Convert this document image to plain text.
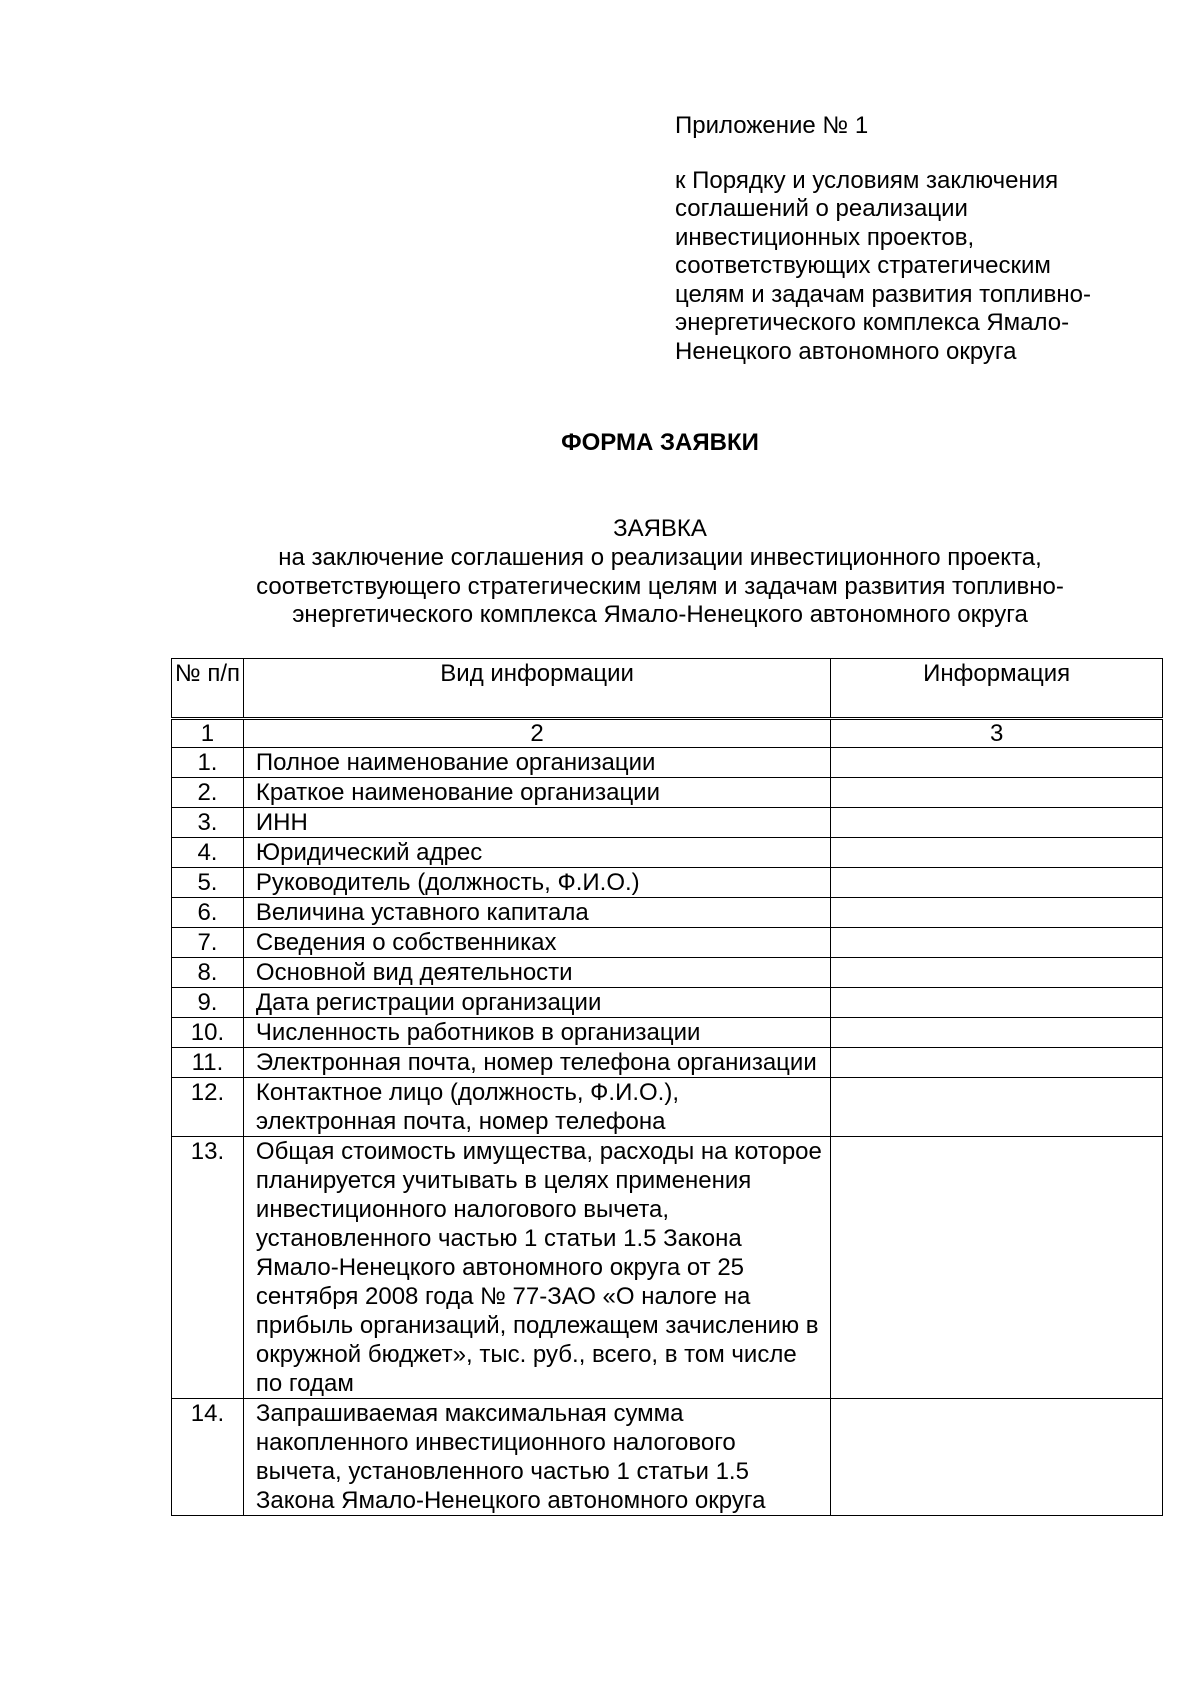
Приложение № 1

к Порядку и условиям заключения
соглашений о реализации
инвестиционных проектов,
соответствующих стратегическим
целям и задачам развития топливно-
энергетического комплекса Ямало-
Ненецкого автономного округа

ФОРМА ЗАЯВКИ
ЗАЯВКА
на заключение соглашения о реализации инвестиционного проекта,
соответствующего стратегическим целям и задачам развития топливно-
энергетического комплекса Ямало-Ненецкого автономного округа
№ п/п	Вид информации	Информация
1	2	3
1.	Полное наименование организации	
2.	Краткое наименование организации	
3.	ИНН	
4.	Юридический адрес	
5.	Руководитель (должность, Ф.И.О.)	
6.	Величина уставного капитала	
7.	Сведения о собственниках	
8.	Основной вид деятельности	
9.	Дата регистрации организации	
10.	Численность работников в организации	
11.	Электронная почта, номер телефона организации	
12.	Контактное лицо (должность, Ф.И.О.), электронная почта, номер телефона	
13.	Общая стоимость имущества, расходы на которое планируется учитывать в целях применения инвестиционного налогового вычета, установленного частью 1 статьи 1.5 Закона Ямало-Ненецкого автономного округа от 25 сентября 2008 года № 77-ЗАО «О налоге на прибыль организаций, подлежащем зачислению в окружной бюджет», тыс. руб., всего, в том числе по годам	
14.	Запрашиваемая максимальная сумма накопленного инвестиционного налогового вычета, установленного частью 1 статьи 1.5 Закона Ямало-Ненецкого автономного округа	
